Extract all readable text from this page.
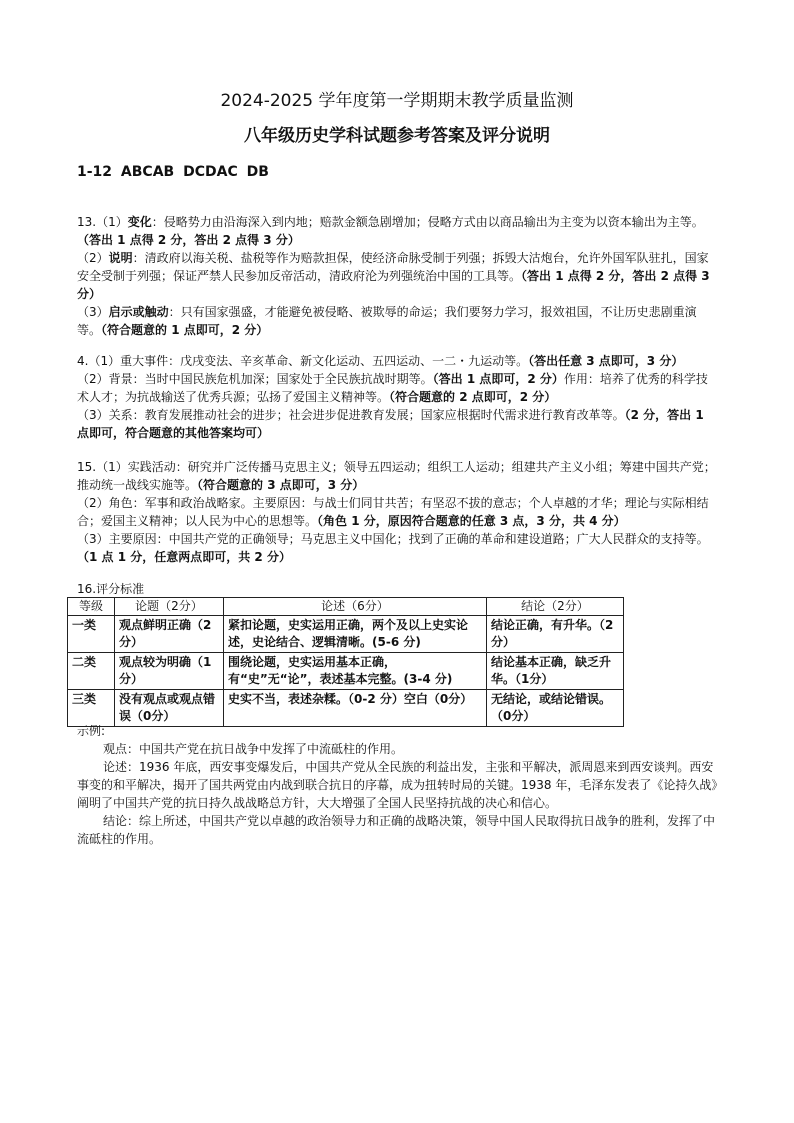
2024-2025 学年度第一学期期末教学质量监测
八年级历史学科试题参考答案及评分说明
1-12 ABCAB DCDAC DB

13.（1）变化：侵略势力由沿海深入到内地；赔款金额急剧增加；侵略方式由以商品输出为主变为以资本输出为主等。（答出 1 点得 2 分，答出 2 点得 3 分）

（2）说明：清政府以海关税、盐税等作为赔款担保，使经济命脉受制于列强；拆毁大沽炮台，允许外国军队驻扎，国家安全受制于列强；保证严禁人民参加反帝活动，清政府沦为列强统治中国的工具等。（答出 1 点得 2 分，答出 2 点得 3 分）

（3）启示或触动：只有国家强盛，才能避免被侵略、被欺辱的命运；我们要努力学习，报效祖国，不让历史悲剧重演等。（符合题意的 1 点即可，2 分）

4.（1）重大事件：戊戌变法、辛亥革命、新文化运动、五四运动、一二・九运动等。（答出任意 3 点即可，3 分）

（2）背景：当时中国民族危机加深；国家处于全民族抗战时期等。（答出 1 点即可，2 分）作用：培养了优秀的科学技术人才；为抗战输送了优秀兵源；弘扬了爱国主义精神等。（符合题意的 2 点即可，2 分）

（3）关系：教育发展推动社会的进步；社会进步促进教育发展；国家应根据时代需求进行教育改革等。（2 分，答出 1 点即可，符合题意的其他答案均可）

15.（1）实践活动：研究并广泛传播马克思主义；领导五四运动；组织工人运动；组建共产主义小组；筹建中国共产党；推动统一战线实施等。（符合题意的 3 点即可，3 分）

（2）角色：军事和政治战略家。主要原因：与战士们同甘共苦；有坚忍不拔的意志；个人卓越的才华；理论与实际相结合；爱国主义精神；以人民为中心的思想等。（角色 1 分，原因符合题意的任意 3 点，3 分，共 4 分）

（3）主要原因：中国共产党的正确领导；马克思主义中国化；找到了正确的革命和建设道路；广大人民群众的支持等。（1 点 1 分，任意两点即可，共 2 分）

16.评分标准
等级	论题（2分）	论述（6分）	结论（2分）
一类	观点鲜明正确（2分）	紧扣论题，史实运用正确，两个及以上史实论述，史论结合、逻辑清晰。(5-6 分)	结论正确，有升华。（2分）
二类	观点较为明确（1分）	围绕论题，史实运用基本正确，有“史”无“论”，表述基本完整。(3-4 分)	结论基本正确，缺乏升华。（1分）
三类	没有观点或观点错误（0分）	史实不当，表述杂糅。（0-2 分）空白（0分）	无结论，或结论错误。（0分）

示例:

观点：中国共产党在抗日战争中发挥了中流砥柱的作用。

论述：1936 年底，西安事变爆发后，中国共产党从全民族的利益出发，主张和平解决，派周恩来到西安谈判。西安事变的和平解决，揭开了国共两党由内战到联合抗日的序幕，成为扭转时局的关键。1938 年，毛泽东发表了《论持久战》阐明了中国共产党的抗日持久战战略总方针，大大增强了全国人民坚持抗战的决心和信心。

结论：综上所述，中国共产党以卓越的政治领导力和正确的战略决策，领导中国人民取得抗日战争的胜利，发挥了中流砥柱的作用。
